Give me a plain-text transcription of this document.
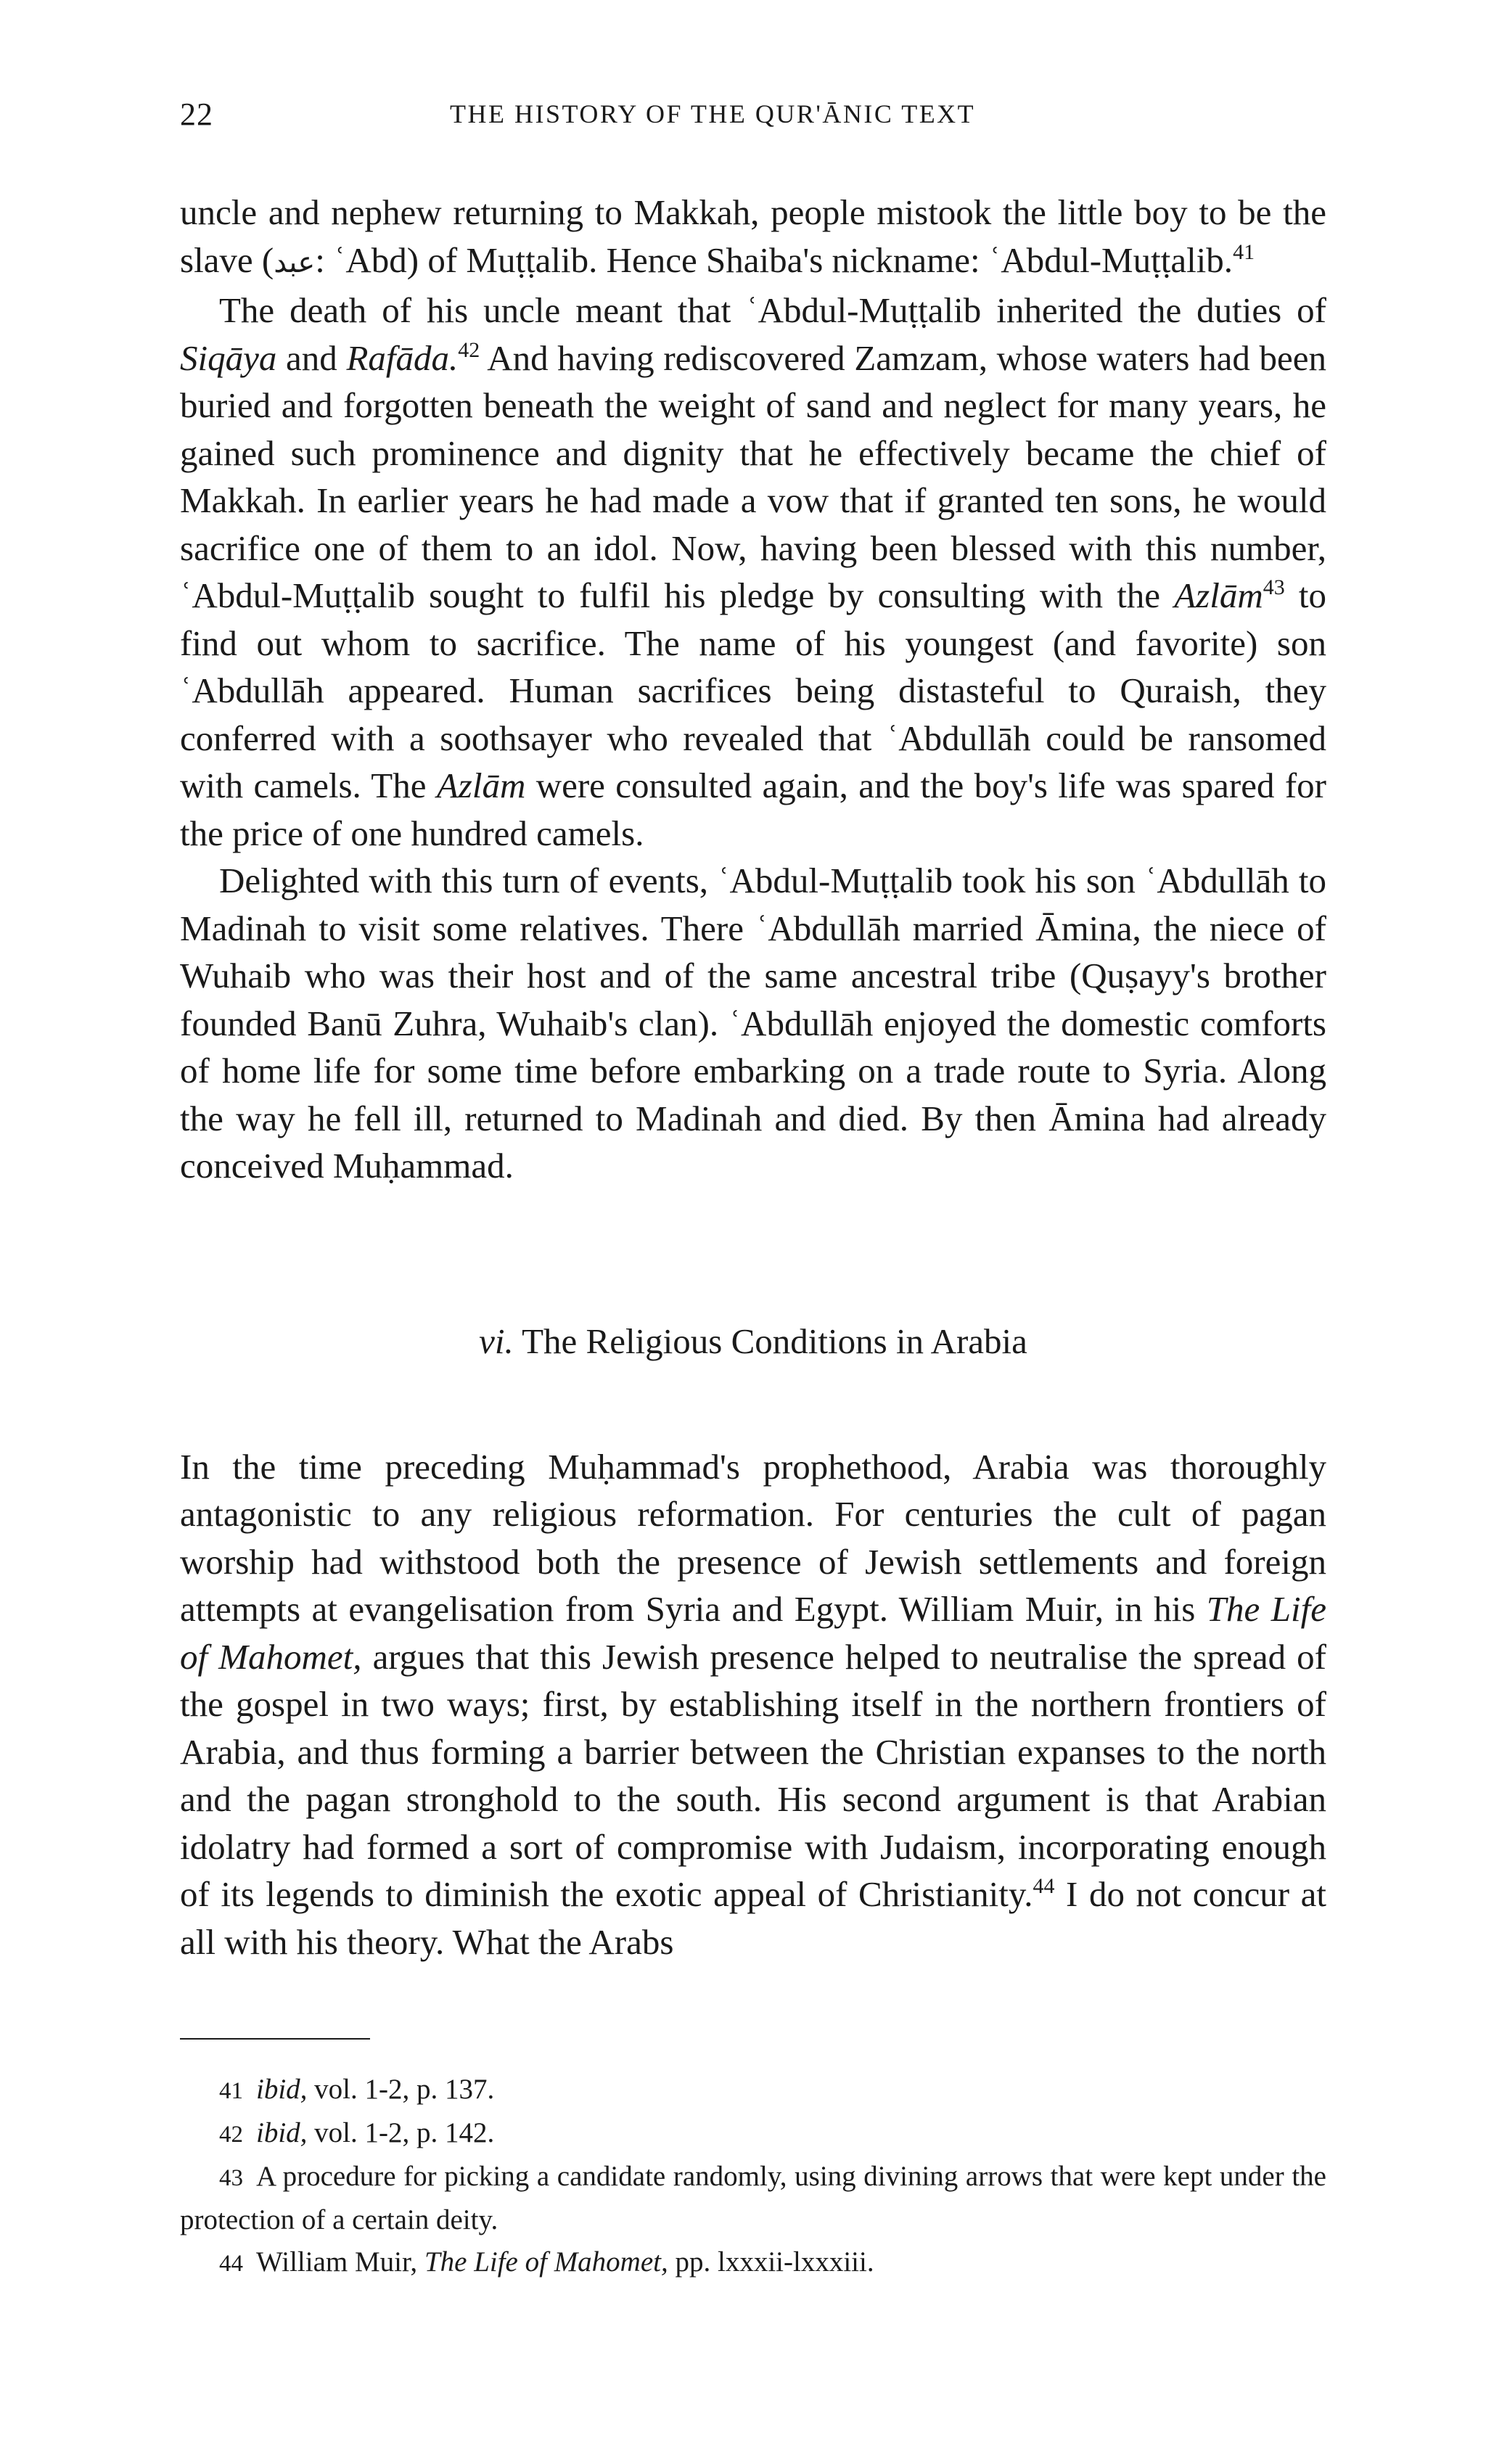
22	THE HISTORY OF THE QUR'ĀNIC TEXT

uncle and nephew returning to Makkah, people mistook the little boy to be the slave (عبد: ʿAbd) of Muṭṭalib. Hence Shaiba's nickname: ʿAbdul-Muṭṭalib.$^{41}$

The death of his uncle meant that ʿAbdul-Muṭṭalib inherited the duties of Siqāya and Rafāda.$^{42}$ And having rediscovered Zamzam, whose waters had been buried and forgotten beneath the weight of sand and neglect for many years, he gained such prominence and dignity that he effectively became the chief of Makkah. In earlier years he had made a vow that if granted ten sons, he would sacrifice one of them to an idol. Now, having been blessed with this number, ʿAbdul-Muṭṭalib sought to fulfil his pledge by consulting with the Azlām$^{43}$ to find out whom to sacrifice. The name of his youngest (and favorite) son ʿAbdullāh appeared. Human sacrifices being distasteful to Quraish, they conferred with a soothsayer who revealed that ʿAbdullāh could be ransomed with camels. The Azlām were consulted again, and the boy's life was spared for the price of one hundred camels.

Delighted with this turn of events, ʿAbdul-Muṭṭalib took his son ʿAbdullāh to Madinah to visit some relatives. There ʿAbdullāh married Āmina, the niece of Wuhaib who was their host and of the same ancestral tribe (Quṣayy's brother founded Banū Zuhra, Wuhaib's clan). ʿAbdullāh enjoyed the domestic comforts of home life for some time before embarking on a trade route to Syria. Along the way he fell ill, returned to Madinah and died. By then Āmina had already conceived Muḥammad.

vi. The Religious Conditions in Arabia

In the time preceding Muḥammad's prophethood, Arabia was thoroughly antagonistic to any religious reformation. For centuries the cult of pagan worship had withstood both the presence of Jewish settlements and foreign attempts at evangelisation from Syria and Egypt. William Muir, in his The Life of Mahomet, argues that this Jewish presence helped to neutralise the spread of the gospel in two ways; first, by establishing itself in the northern frontiers of Arabia, and thus forming a barrier between the Christian expanses to the north and the pagan stronghold to the south. His second argument is that Arabian idolatry had formed a sort of compromise with Judaism, incorporating enough of its legends to diminish the exotic appeal of Christianity.$^{44}$ I do not concur at all with his theory. What the Arabs

41 ibid, vol. 1-2, p. 137.

42 ibid, vol. 1-2, p. 142.

43 A procedure for picking a candidate randomly, using divining arrows that were kept under the protection of a certain deity.

44 William Muir, The Life of Mahomet, pp. lxxxii-lxxxiii.
